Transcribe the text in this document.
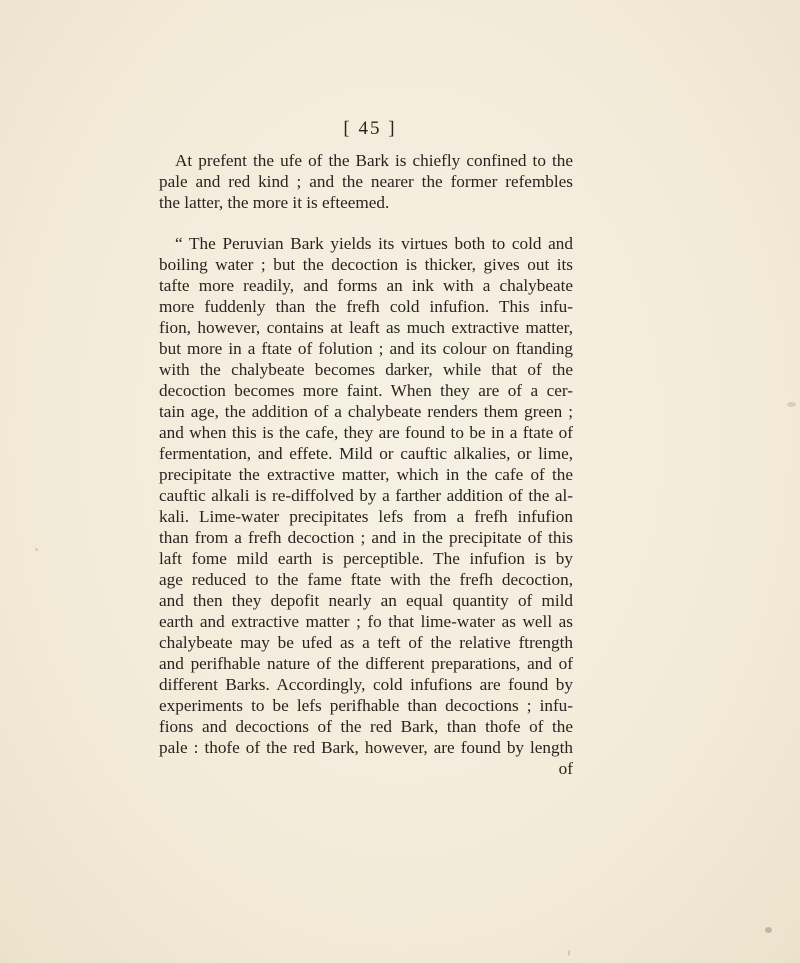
[ 45 ]
At prefent the ufe of the Bark is chiefly confined to the
pale and red kind ; and the nearer the former refembles
the latter, the more it is efteemed.
“ The Peruvian Bark yields its virtues both to cold and
boiling water ; but the decoction is thicker, gives out its
tafte more readily, and forms an ink with a chalybeate
more fuddenly than the frefh cold infufion. This infu-
fion, however, contains at leaft as much extractive matter,
but more in a ftate of folution ; and its colour on ftanding
with the chalybeate becomes darker, while that of the
decoction becomes more faint. When they are of a cer-
tain age, the addition of a chalybeate renders them green ;
and when this is the cafe, they are found to be in a ftate of
fermentation, and effete. Mild or cauftic alkalies, or lime,
precipitate the extractive matter, which in the cafe of the
cauftic alkali is re-diffolved by a farther addition of the al-
kali. Lime-water precipitates lefs from a frefh infufion
than from a frefh decoction ; and in the precipitate of this
laft fome mild earth is perceptible. The infufion is by
age reduced to the fame ftate with the frefh decoction,
and then they depofit nearly an equal quantity of mild
earth and extractive matter ; fo that lime-water as well as
chalybeate may be ufed as a teft of the relative ftrength
and perifhable nature of the different preparations, and of
different Barks. Accordingly, cold infufions are found by
experiments to be lefs perifhable than decoctions ; infu-
fions and decoctions of the red Bark, than thofe of the
pale : thofe of the red Bark, however, are found by length
of
